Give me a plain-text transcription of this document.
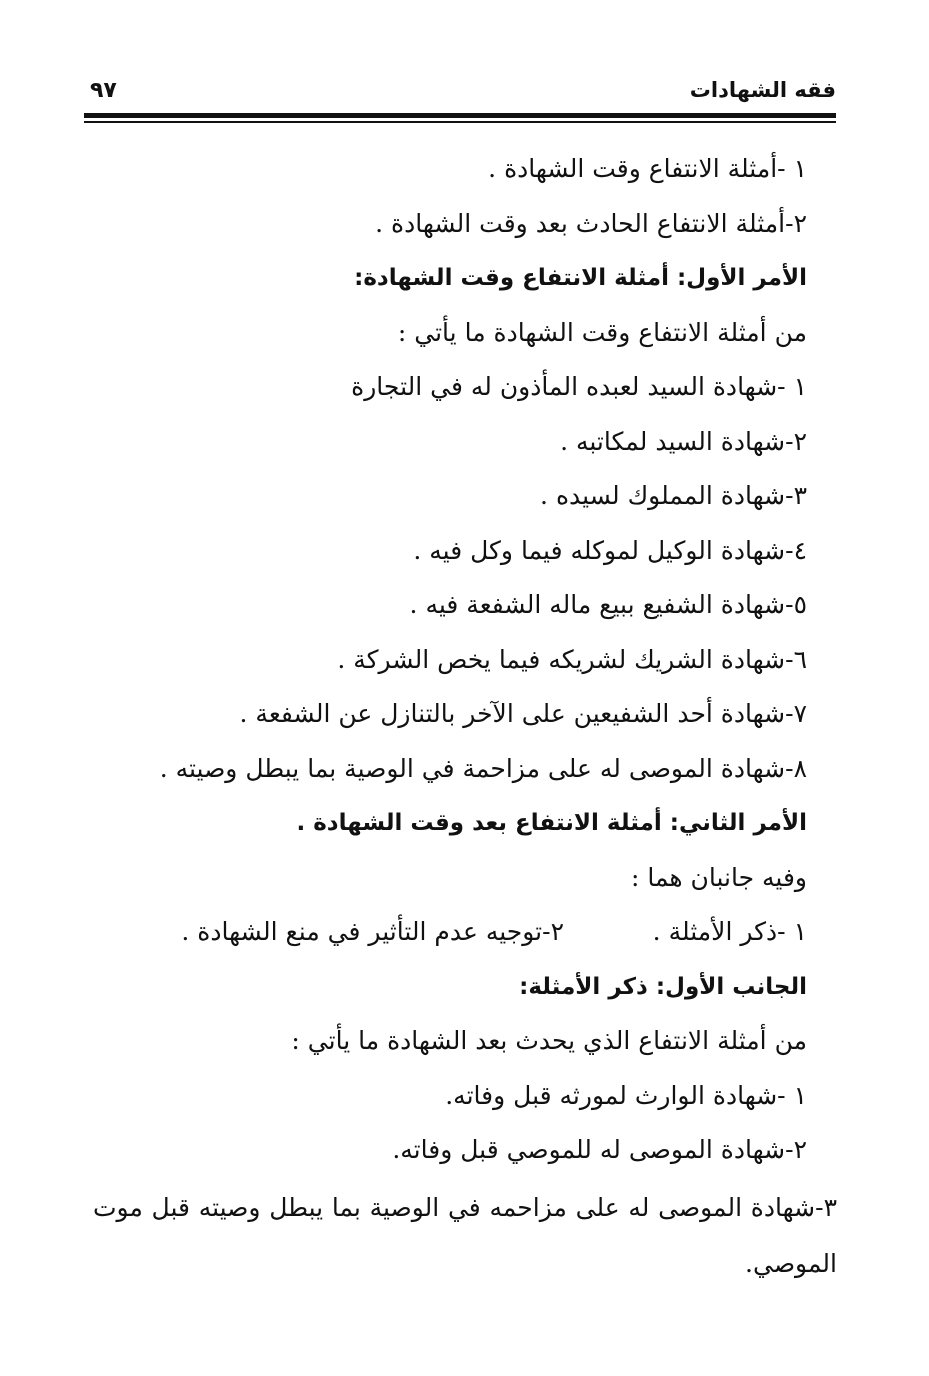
فقه الشهادات
٩٧
١ -أمثلة الانتفاع وقت الشهادة .
٢-أمثلة الانتفاع الحادث بعد وقت الشهادة .
الأمر الأول: أمثلة الانتفاع وقت الشهادة:
من أمثلة الانتفاع وقت الشهادة ما يأتي :
١ -شهادة السيد لعبده المأذون له في التجارة
٢-شهادة السيد لمكاتبه .
٣-شهادة المملوك لسيده .
٤-شهادة الوكيل لموكله فيما وكل فيه .
٥-شهادة الشفيع ببيع ماله الشفعة فيه .
٦-شهادة الشريك لشريكه فيما يخص الشركة .
٧-شهادة أحد الشفيعين على الآخر بالتنازل عن الشفعة .
٨-شهادة الموصى له على مزاحمة في الوصية بما يبطل وصيته .
الأمر الثاني: أمثلة الانتفاع بعد وقت الشهادة .
وفيه جانبان هما :
١ -ذكر الأمثلة .
٢-توجيه عدم التأثير في منع الشهادة .
الجانب الأول: ذكر الأمثلة:
من أمثلة الانتفاع الذي يحدث بعد الشهادة ما يأتي :
١ -شهادة الوارث لمورثه قبل وفاته.
٢-شهادة الموصى له للموصي قبل وفاته.
٣-شهادة الموصى له على مزاحمه في الوصية بما يبطل وصيته قبل موت الموصي.
